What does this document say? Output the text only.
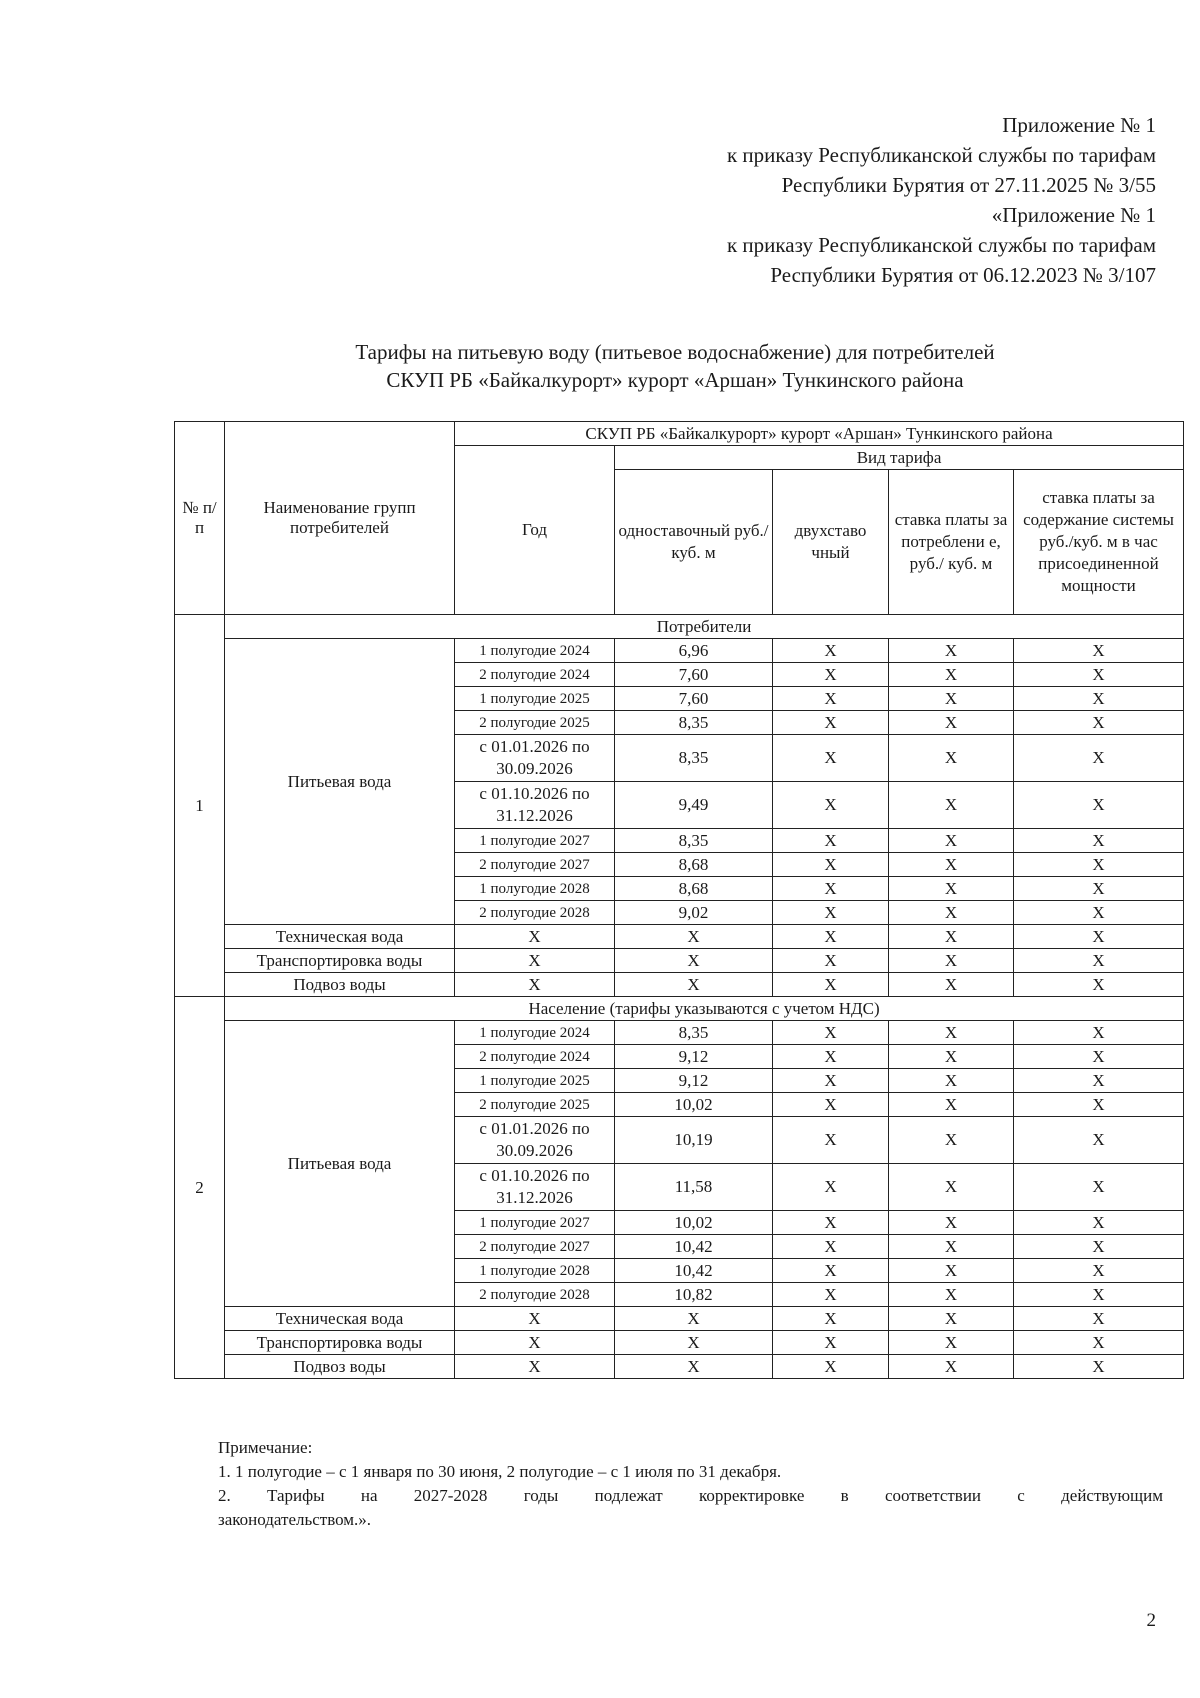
Приложение № 1
к приказу Республиканской службы по тарифам
Республики Бурятия от 27.11.2025 № 3/55
«Приложение № 1
к приказу Республиканской службы по тарифам
Республики Бурятия от 06.12.2023 № 3/107
Тарифы на питьевую воду (питьевое водоснабжение) для потребителей
СКУП РБ «Байкалкурорт» курорт «Аршан» Тункинского района
№ п/п	Наименование групп потребителей	СКУП РБ «Байкалкурорт» курорт «Аршан» Тункинского района				
		Год	Вид тарифа			
			одноставочный руб./ куб. м	двухставо чный	ставка платы за потреблени е, руб./ куб. м	ставка платы за содержание системы руб./куб. м в час присоединенной мощности
1	Потребители					
	Питьевая вода	1 полугодие 2024	6,96	Х	Х	Х
		2 полугодие 2024	7,60	Х	Х	Х
		1 полугодие 2025	7,60	Х	Х	Х
		2 полугодие 2025	8,35	Х	Х	Х
		с 01.01.2026 по 30.09.2026	8,35	Х	Х	Х
		с 01.10.2026 по 31.12.2026	9,49	Х	Х	Х
		1 полугодие 2027	8,35	Х	Х	Х
		2 полугодие 2027	8,68	Х	Х	Х
		1 полугодие 2028	8,68	Х	Х	Х
		2 полугодие 2028	9,02	Х	Х	Х
	Техническая вода	Х	Х	Х	Х	Х
	Транспортировка воды	Х	Х	Х	Х	Х
	Подвоз воды	Х	Х	Х	Х	Х
2	Население (тарифы указываются с учетом НДС)					
	Питьевая вода	1 полугодие 2024	8,35	Х	Х	Х
		2 полугодие 2024	9,12	Х	Х	Х
		1 полугодие 2025	9,12	Х	Х	Х
		2 полугодие 2025	10,02	Х	Х	Х
		с 01.01.2026 по 30.09.2026	10,19	Х	Х	Х
		с 01.10.2026 по 31.12.2026	11,58	Х	Х	Х
		1 полугодие 2027	10,02	Х	Х	Х
		2 полугодие 2027	10,42	Х	Х	Х
		1 полугодие 2028	10,42	Х	Х	Х
		2 полугодие 2028	10,82	Х	Х	Х
	Техническая вода	Х	Х	Х	Х	Х
	Транспортировка воды	Х	Х	Х	Х	Х
	Подвоз воды	Х	Х	Х	Х	Х
Примечание:
1. 1 полугодие – с 1 января по 30 июня, 2 полугодие – с 1 июля по 31 декабря.
2. Тарифы на 2027-2028 годы подлежат корректировке в соответствии с действующим
законодательством.».
2
